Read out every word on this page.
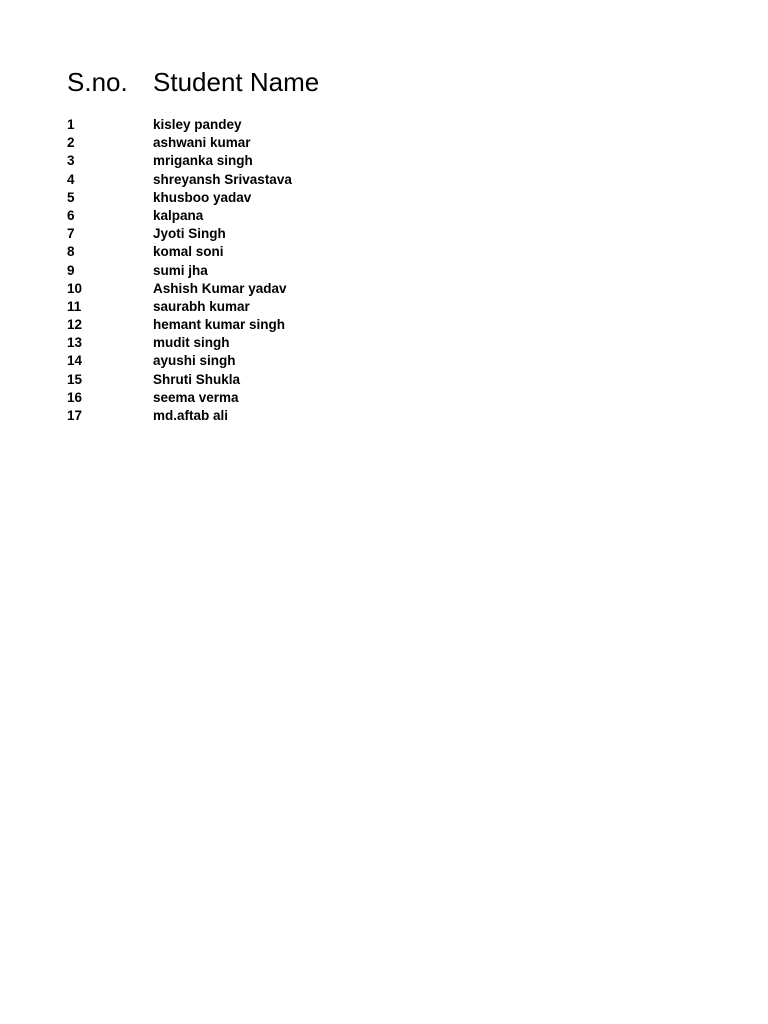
S.no. Student Name
1	kisley pandey
2	ashwani kumar
3	mriganka singh
4	shreyansh Srivastava
5	khusboo yadav
6	kalpana
7	Jyoti Singh
8	komal soni
9	sumi jha
10	Ashish Kumar yadav
11	saurabh kumar
12	hemant kumar singh
13	mudit singh
14	ayushi singh
15	Shruti Shukla
16	seema verma
17	md.aftab ali
